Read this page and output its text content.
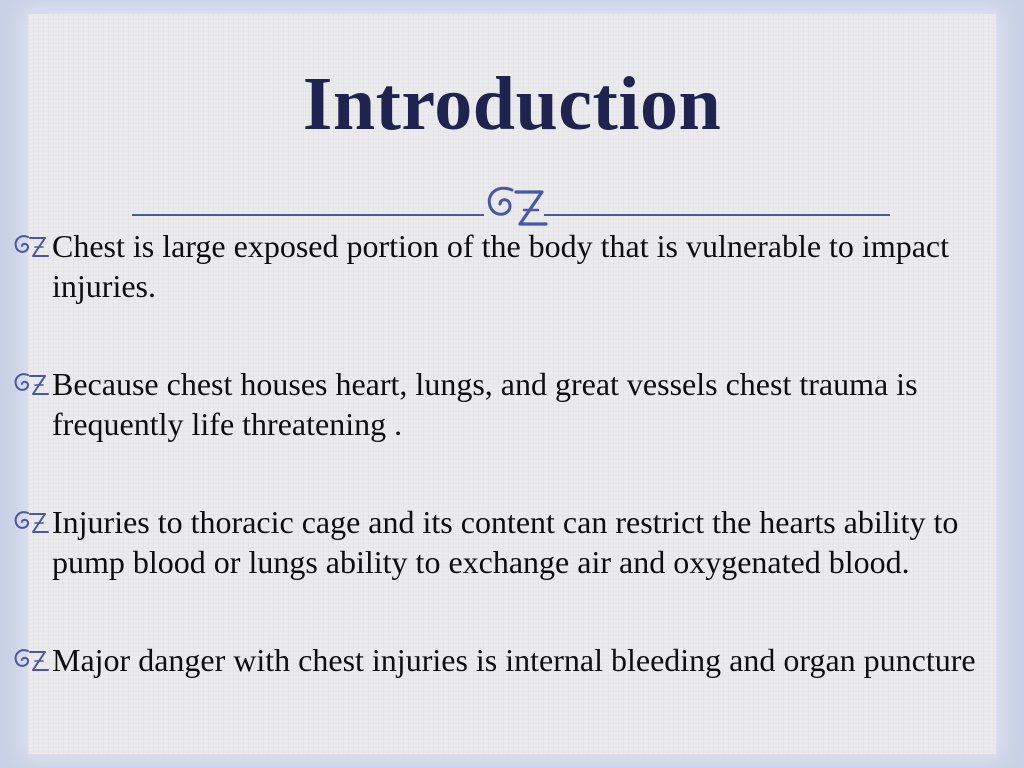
Introduction
Chest is large exposed portion of the body that is vulnerable to impact injuries.
Because chest houses heart, lungs, and great vessels chest trauma is frequently life threatening .
Injuries to thoracic cage and its content can restrict the hearts ability to pump blood or lungs ability to exchange air and oxygenated blood.
Major danger with chest injuries is internal bleeding and organ puncture
